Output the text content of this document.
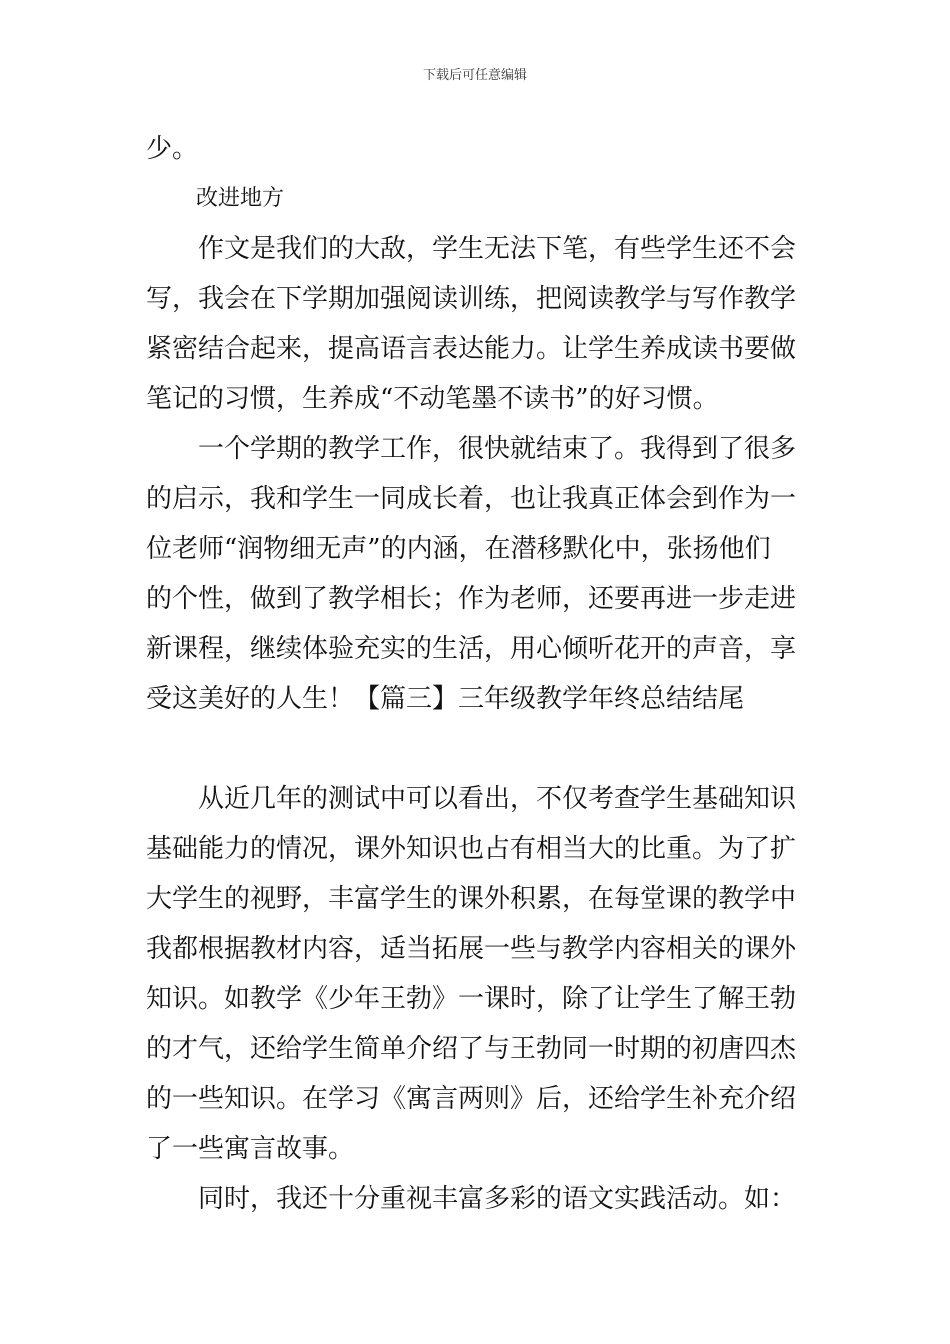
下载后可任意编辑
少。
改进地方
作文是我们的大敌，学生无法下笔，有些学生还不会
写，我会在下学期加强阅读训练，把阅读教学与写作教学
紧密结合起来，提高语言表达能力。让学生养成读书要做
笔记的习惯，生养成“不动笔墨不读书”的好习惯。
一个学期的教学工作，很快就结束了。我得到了很多
的启示，我和学生一同成长着，也让我真正体会到作为一
位老师“润物细无声”的内涵，在潜移默化中，张扬他们
的个性，做到了教学相长；作为老师，还要再进一步走进
新课程，继续体验充实的生活，用心倾听花开的声音，享
受这美好的人生！【篇三】三年级教学年终总结结尾
从近几年的测试中可以看出，不仅考查学生基础知识
基础能力的情况，课外知识也占有相当大的比重。为了扩
大学生的视野，丰富学生的课外积累，在每堂课的教学中
我都根据教材内容，适当拓展一些与教学内容相关的课外
知识。如教学《少年王勃》一课时，除了让学生了解王勃
的才气，还给学生简单介绍了与王勃同一时期的初唐四杰
的一些知识。在学习《寓言两则》后，还给学生补充介绍
了一些寓言故事。
同时，我还十分重视丰富多彩的语文实践活动。如：
